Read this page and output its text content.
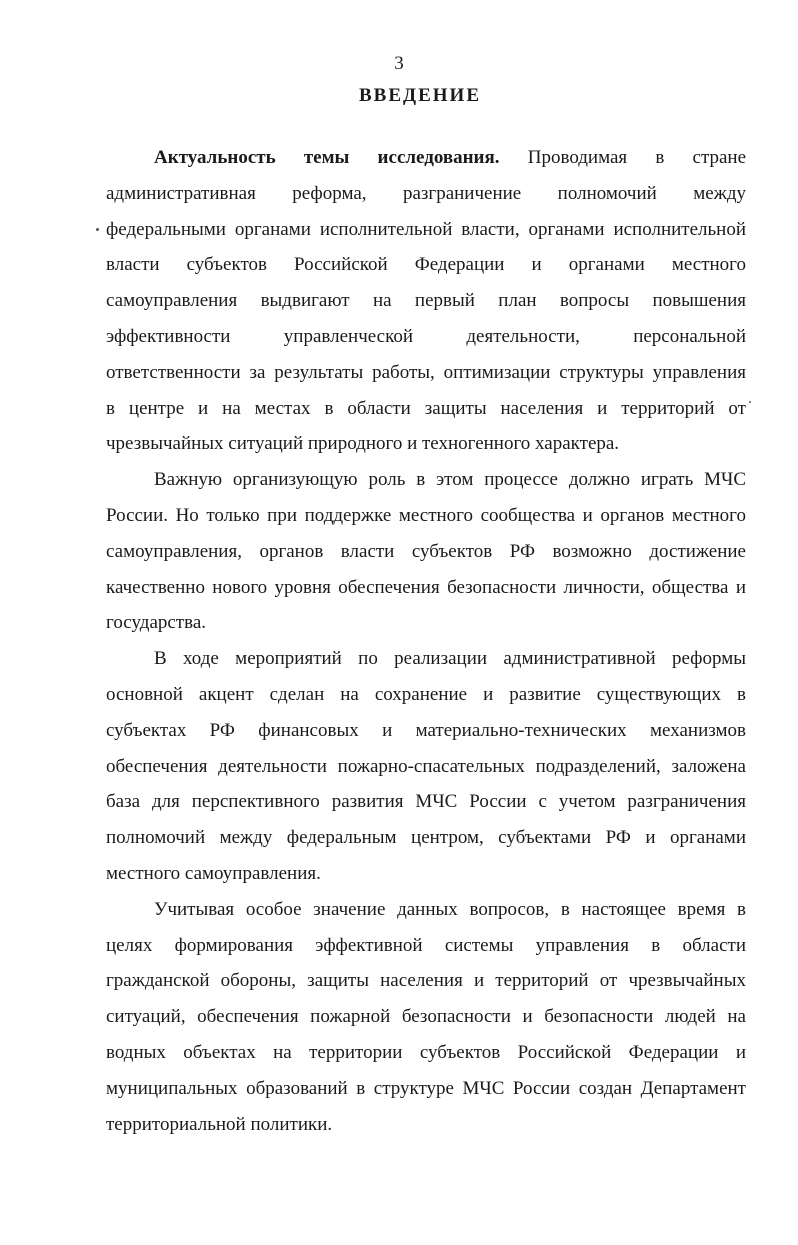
3
ВВЕДЕНИЕ
Актуальность темы исследования. Проводимая в стране
административная реформа, разграничение полномочий между
федеральными органами исполнительной власти, органами исполнительной
власти субъектов Российской Федерации и органами местного
самоуправления выдвигают на первый план вопросы повышения
эффективности управленческой деятельности, персональной
ответственности за результаты работы, оптимизации структуры управления
в центре и на местах в области защиты населения и территорий от
чрезвычайных ситуаций природного и техногенного характера.
Важную организующую роль в этом процессе должно играть МЧС
России. Но только при поддержке местного сообщества и органов местного
самоуправления, органов власти субъектов РФ возможно достижение
качественно нового уровня обеспечения безопасности личности, общества и
государства.
В ходе мероприятий по реализации административной реформы
основной акцент сделан на сохранение и развитие существующих в
субъектах РФ финансовых и материально-технических механизмов
обеспечения деятельности пожарно-спасательных подразделений, заложена
база для перспективного развития МЧС России с учетом разграничения
полномочий между федеральным центром, субъектами РФ и органами
местного самоуправления.
Учитывая особое значение данных вопросов, в настоящее время в
целях формирования эффективной системы управления в области
гражданской обороны, защиты населения и территорий от чрезвычайных
ситуаций, обеспечения пожарной безопасности и безопасности людей на
водных объектах на территории субъектов Российской Федерации и
муниципальных образований в структуре МЧС России создан Департамент
территориальной политики.
